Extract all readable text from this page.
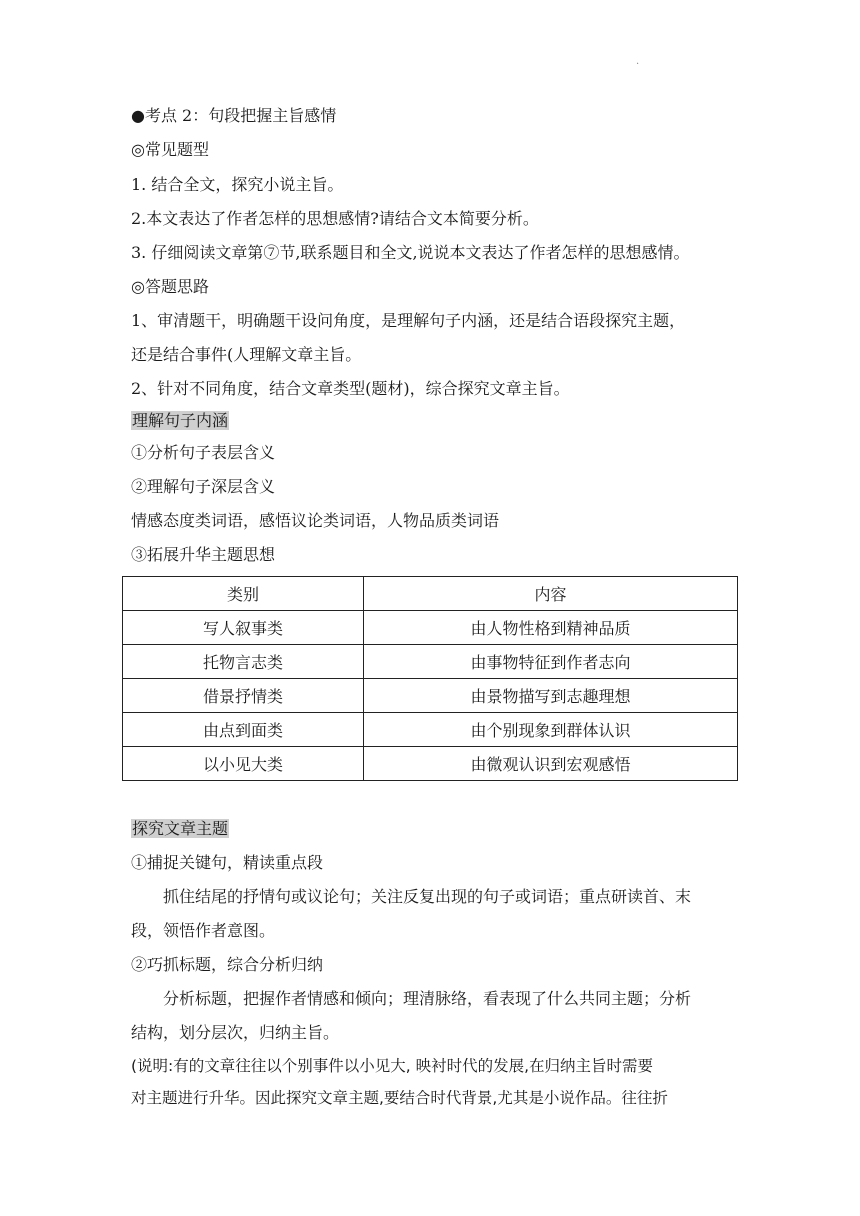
.
●考点 2：句段把握主旨感情
◎常见题型
1. 结合全文，探究小说主旨。
2.本文表达了作者怎样的思想感情?请结合文本简要分析。
3. 仔细阅读文章第⑦节,联系题目和全文,说说本文表达了作者怎样的思想感情。
◎答题思路
1、审清题干，明确题干设问角度，是理解句子内涵，还是结合语段探究主题，
还是结合事件(人理解文章主旨。
2、针对不同角度，结合文章类型(题材)，综合探究文章主旨。
理解句子内涵
①分析句子表层含义
②理解句子深层含义
情感态度类词语，感悟议论类词语，人物品质类词语
③拓展升华主题思想
类别	内容
写人叙事类	由人物性格到精神品质
托物言志类	由事物特征到作者志向
借景抒情类	由景物描写到志趣理想
由点到面类	由个别现象到群体认识
以小见大类	由微观认识到宏观感悟
探究文章主题
①捕捉关键句，精读重点段
抓住结尾的抒情句或议论句；关注反复出现的句子或词语；重点研读首、末
段，领悟作者意图。
②巧抓标题，综合分析归纳
分析标题，把握作者情感和倾向；理清脉络，看表现了什么共同主题；分析
结构，划分层次，归纳主旨。
(说明:有的文章往往以个别事件以小见大, 映衬时代的发展,在归纳主旨时需要
对主题进行升华。因此探究文章主题,要结合时代背景,尤其是小说作品。往往折
